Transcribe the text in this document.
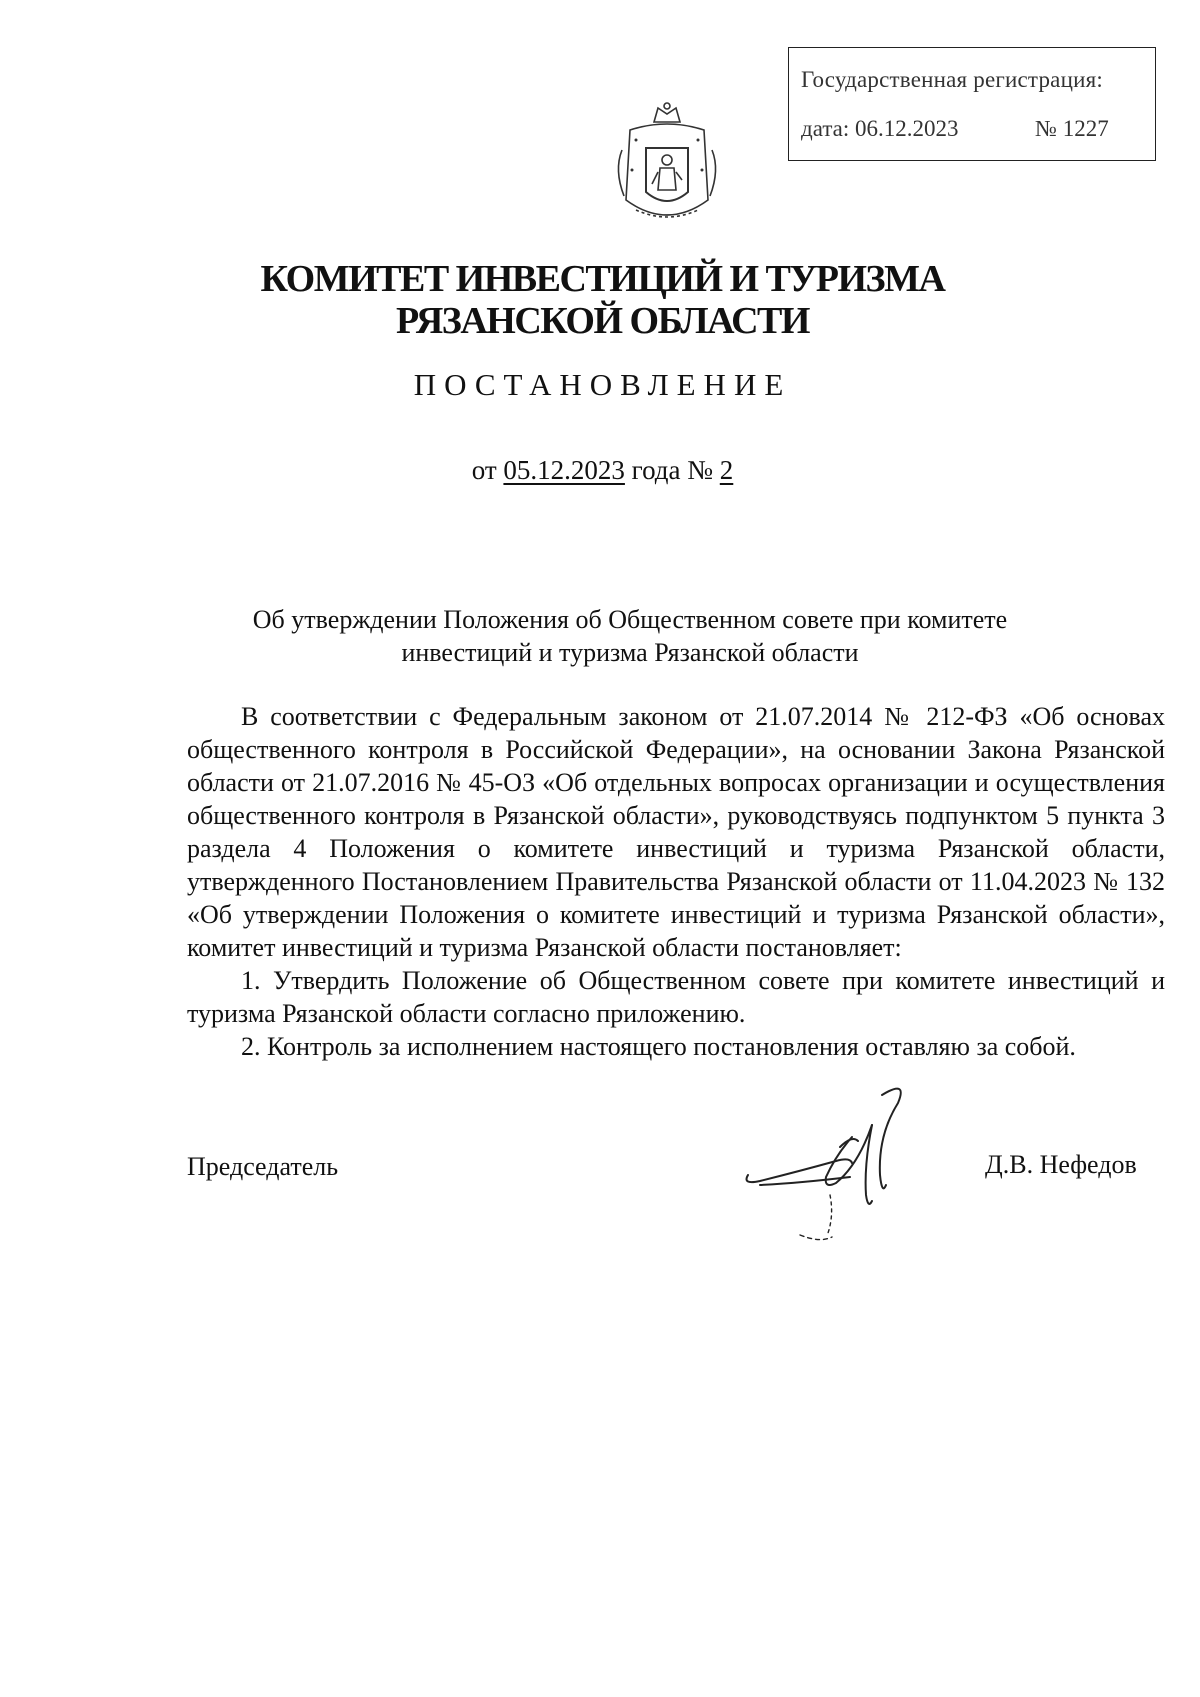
Государственная регистрация:
дата: 06.12.2023	№ 1227
КОМИТЕТ ИНВЕСТИЦИЙ И ТУРИЗМА
РЯЗАНСКОЙ ОБЛАСТИ
ПОСТАНОВЛЕНИЕ
от 05.12.2023 года № 2
Об утверждении Положения об Общественном совете при комитете
инвестиций и туризма Рязанской области

В соответствии с Федеральным законом от 21.07.2014 № 212-ФЗ «Об основах общественного контроля в Российской Федерации», на основании Закона Рязанской области от 21.07.2016 № 45-ОЗ «Об отдельных вопросах организации и осуществления общественного контроля в Рязанской области», руководствуясь подпунктом 5 пункта 3 раздела 4 Положения о комитете инвестиций и туризма Рязанской области, утвержденного Постановлением Правительства Рязанской области от 11.04.2023 № 132 «Об утверждении Положения о комитете инвестиций и туризма Рязанской области», комитет инвестиций и туризма Рязанской области постановляет:

1. Утвердить Положение об Общественном совете при комитете инвестиций и туризма Рязанской области согласно приложению.

2. Контроль за исполнением настоящего постановления оставляю за собой.

Председатель	Д.В. Нефедов
